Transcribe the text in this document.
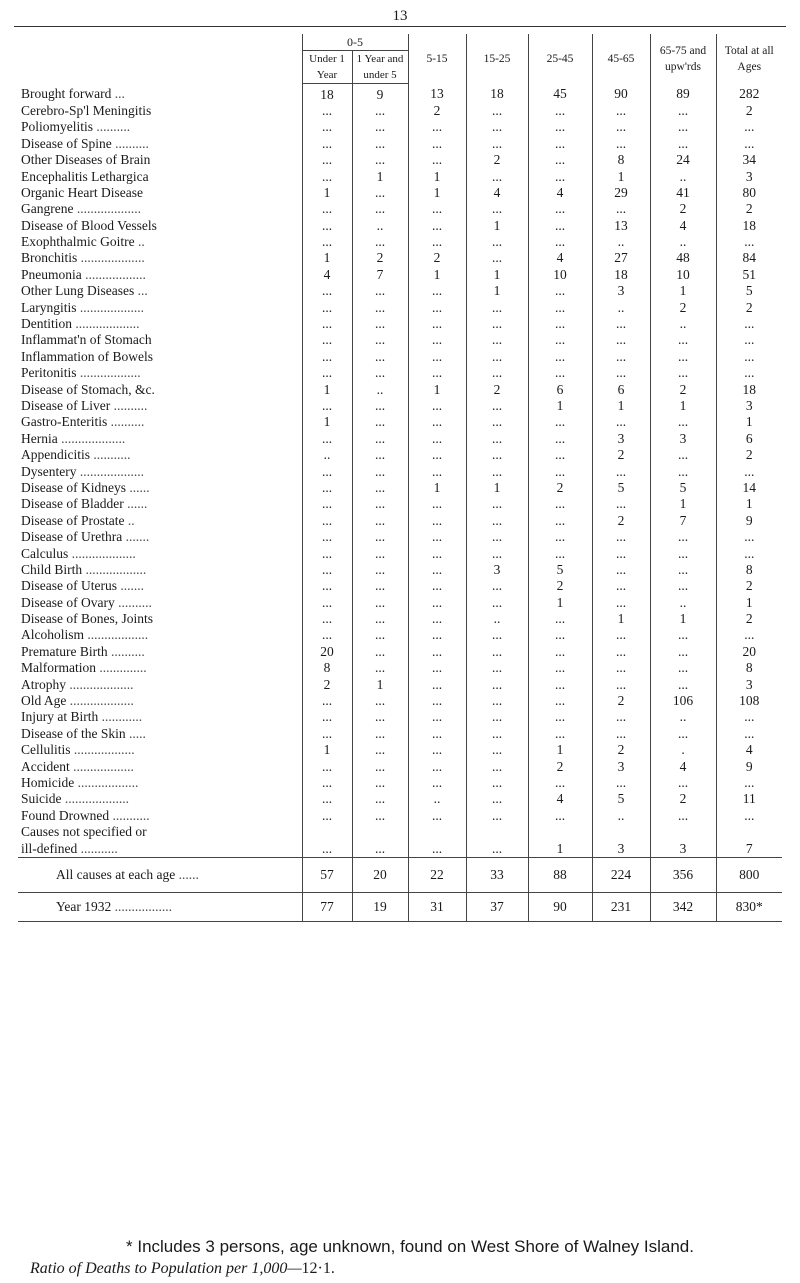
13
	0-5		5-15	15-25	25-45	45-65	65-75 and upw'rds	Total at all Ages
	Under 1 Year	1 Year and under 5						
Brought forward ...	18	9	13	18	45	90	89	282
Cerebro-Sp'l Meningitis	...	...	2	...	...	...	...	2
Poliomyelitis ..........	...	...	...	...	...	...	...	...
Disease of Spine ..........	...	...	...	...	...	...	...	...
Other Diseases of Brain	...	...	...	2	...	8	24	34
Encephalitis Lethargica	...	1	1	...	...	1	..	3
Organic Heart Disease	1	...	1	4	4	29	41	80
Gangrene ...................	...	...	...	...	...	...	2	2
Disease of Blood Vessels	...	..	...	1	...	13	4	18
Exophthalmic Goitre ..	...	...	...	...	...	..	..	...
Bronchitis ...................	1	2	2	...	4	27	48	84
Pneumonia ..................	4	7	1	1	10	18	10	51
Other Lung Diseases ...	...	...	...	1	...	3	1	5
Laryngitis ...................	...	...	...	...	...	..	2	2
Dentition ...................	...	...	...	...	...	...	..	...
Inflammat'n of Stomach	...	...	...	...	...	...	...	...
Inflammation of Bowels	...	...	...	...	...	...	...	...
Peritonitis ..................	...	...	...	...	...	...	...	...
Disease of Stomach, &c.	1	..	1	2	6	6	2	18
Disease of Liver ..........	...	...	...	...	1	1	1	3
Gastro-Enteritis ..........	1	...	...	...	...	...	...	1
Hernia ...................	...	...	...	...	...	3	3	6
Appendicitis ...........	..	...	...	...	...	2	...	2
Dysentery ...................	...	...	...	...	...	...	...	...
Disease of Kidneys ......	...	...	1	1	2	5	5	14
Disease of Bladder ......	...	...	...	...	...	...	1	1
Disease of Prostate ..	...	...	...	...	...	2	7	9
Disease of Urethra .......	...	...	...	...	...	...	...	...
Calculus ...................	...	...	...	...	...	...	...	...
Child Birth ..................	...	...	...	3	5	...	...	8
Disease of Uterus .......	...	...	...	...	2	...	...	2
Disease of Ovary ..........	...	...	...	...	1	...	..	1
Disease of Bones, Joints	...	...	...	..	...	1	1	2
Alcoholism ..................	...	...	...	...	...	...	...	...
Premature Birth ..........	20	...	...	...	...	...	...	20
Malformation ..............	8	...	...	...	...	...	...	8
Atrophy ...................	2	1	...	...	...	...	...	3
Old Age ...................	...	...	...	...	...	2	106	108
Injury at Birth ............	...	...	...	...	...	...	..	...
Disease of the Skin .....	...	...	...	...	...	...	...	...
Cellulitis ..................	1	...	...	...	1	2	.	4
Accident ..................	...	...	...	...	2	3	4	9
Homicide ..................	...	...	...	...	...	...	...	...
Suicide ...................	...	...	..	...	4	5	2	11
Found Drowned ...........	...	...	...	...	...	..	...	...
Causes not specified or								
ill-defined ...........	...	...	...	...	1	3	3	7
All causes at each age ......	57	20	22	33	88	224	356	800
Year 1932 .................	77	19	31	37	90	231	342	830*
* Includes 3 persons, age unknown, found on West Shore of Walney Island.
Ratio of Deaths to Population per 1,000—12·1.
